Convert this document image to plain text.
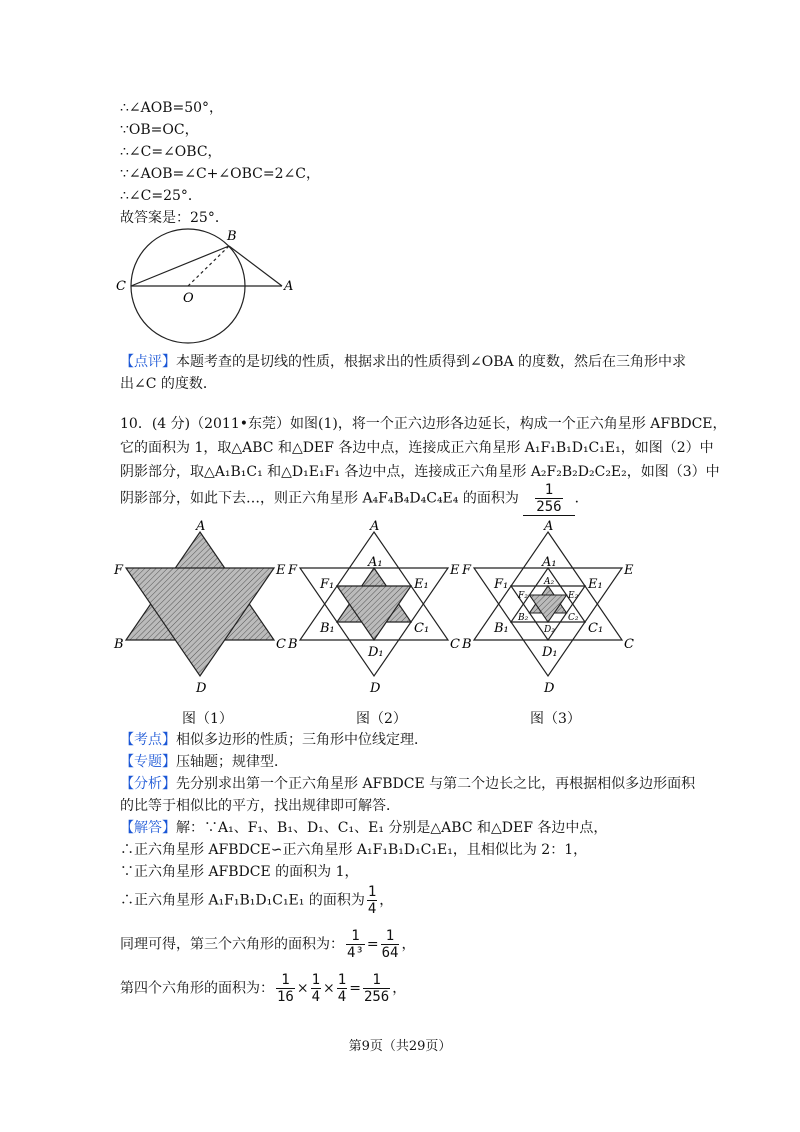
∴∠AOB=50°，
∵OB=OC，
∴∠C=∠OBC，
∵∠AOB=∠C+∠OBC=2∠C，
∴∠C=25°．
故答案是：25°．
B
C
O
A
【点评】本题考查的是切线的性质，根据求出的性质得到∠OBA 的度数，然后在三角形中求
出∠C 的度数．
10．(4 分)（2011•东莞）如图(1)，将一个正六边形各边延长，构成一个正六角星形 AFBDCE，
它的面积为 1，取△ABC 和△DEF 各边中点，连接成正六角星形 A₁F₁B₁D₁C₁E₁，如图（2）中
阴影部分，取△A₁B₁C₁ 和△D₁E₁F₁ 各边中点，连接成正六角星形 A₂F₂B₂D₂C₂E₂，如图（3）中
阴影部分，如此下去…，则正六角星形 A₄F₄B₄D₄C₄E₄ 的面积为 $\frac{1}{256}$ ．
A
F	E
B	C
D
A
F	E
B	C
D
A₁
F₁	E₁
B₁	C₁
D₁
A
F	E
B	C
D
A₁
F₁	E₁
B₁	C₁
D₁
A₂
F₂	E₂
B₂	C₂
D₂
图（1）	图（2）	图（3）
【考点】相似多边形的性质；三角形中位线定理．
【专题】压轴题；规律型．
【分析】先分别求出第一个正六角星形 AFBDCE 与第二个边长之比，再根据相似多边形面积
的比等于相似比的平方，找出规律即可解答．
【解答】解：∵A₁、F₁、B₁、D₁、C₁、E₁ 分别是△ABC 和△DEF 各边中点，
∴正六角星形 AFBDCE∽正六角星形 A₁F₁B₁D₁C₁E₁，且相似比为 2：1，
∵正六角星形 AFBDCE 的面积为 1，
∴正六角星形 A₁F₁B₁D₁C₁E₁ 的面积为 $\frac{1}{4}$ ，
同理可得，第三个六角形的面积为： $\frac{1}{\text{4³}} = \frac{1}{64}$ ，
第四个六角形的面积为： $\frac{1}{16} \times \frac{1}{4} \times \frac{1}{4} = \frac{1}{256}$ ，
第9页（共29页）
